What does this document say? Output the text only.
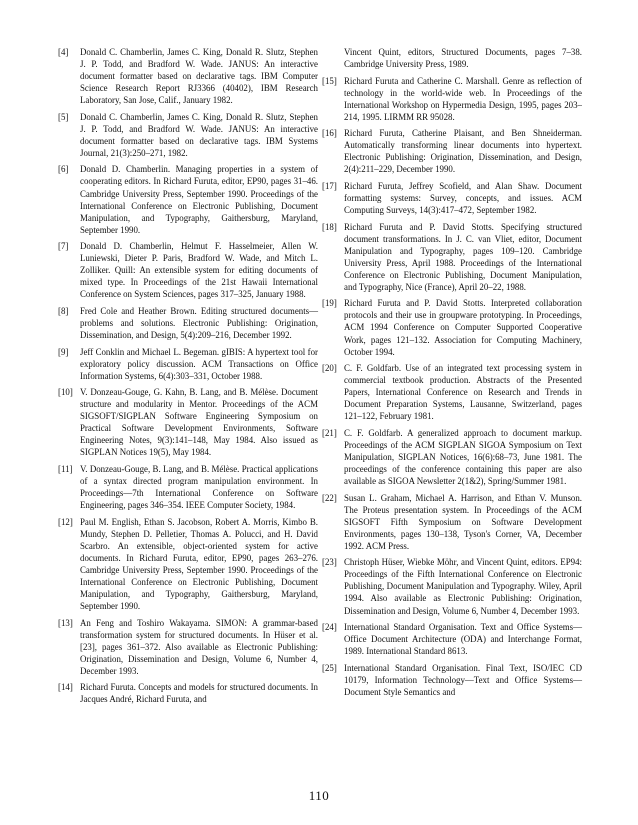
[4] Donald C. Chamberlin, James C. King, Donald R. Slutz, Stephen J. P. Todd, and Bradford W. Wade. JANUS: An interactive document formatter based on declarative tags. IBM Computer Science Research Report RJ3366 (40402), IBM Research Laboratory, San Jose, Calif., January 1982.
[5] Donald C. Chamberlin, James C. King, Donald R. Slutz, Stephen J. P. Todd, and Bradford W. Wade. JANUS: An interactive document formatter based on declarative tags. IBM Systems Journal, 21(3):250–271, 1982.
[6] Donald D. Chamberlin. Managing properties in a system of cooperating editors. In Richard Furuta, editor, EP90, pages 31–46. Cambridge University Press, September 1990. Proceedings of the International Conference on Electronic Publishing, Document Manipulation, and Typography, Gaithersburg, Maryland, September 1990.
[7] Donald D. Chamberlin, Helmut F. Hasselmeier, Allen W. Luniewski, Dieter P. Paris, Bradford W. Wade, and Mitch L. Zolliker. Quill: An extensible system for editing documents of mixed type. In Proceedings of the 21st Hawaii International Conference on System Sciences, pages 317–325, January 1988.
[8] Fred Cole and Heather Brown. Editing structured documents—problems and solutions. Electronic Publishing: Origination, Dissemination, and Design, 5(4):209–216, December 1992.
[9] Jeff Conklin and Michael L. Begeman. gIBIS: A hypertext tool for exploratory policy discussion. ACM Transactions on Office Information Systems, 6(4):303–331, October 1988.
[10] V. Donzeau-Gouge, G. Kahn, B. Lang, and B. Mélèse. Document structure and modularity in Mentor. Proceedings of the ACM SIGSOFT/SIGPLAN Software Engineering Symposium on Practical Software Development Environments, Software Engineering Notes, 9(3):141–148, May 1984. Also issued as SIGPLAN Notices 19(5), May 1984.
[11] V. Donzeau-Gouge, B. Lang, and B. Mélèse. Practical applications of a syntax directed program manipulation environment. In Proceedings—7th International Conference on Software Engineering, pages 346–354. IEEE Computer Society, 1984.
[12] Paul M. English, Ethan S. Jacobson, Robert A. Morris, Kimbo B. Mundy, Stephen D. Pelletier, Thomas A. Polucci, and H. David Scarbro. An extensible, object-oriented system for active documents. In Richard Furuta, editor, EP90, pages 263–276. Cambridge University Press, September 1990. Proceedings of the International Conference on Electronic Publishing, Document Manipulation, and Typography, Gaithersburg, Maryland, September 1990.
[13] An Feng and Toshiro Wakayama. SIMON: A grammar-based transformation system for structured documents. In Hüser et al. [23], pages 361–372. Also available as Electronic Publishing: Origination, Dissemination and Design, Volume 6, Number 4, December 1993.
[14] Richard Furuta. Concepts and models for structured documents. In Jacques André, Richard Furuta, and
Vincent Quint, editors, Structured Documents, pages 7–38. Cambridge University Press, 1989.
[15] Richard Furuta and Catherine C. Marshall. Genre as reflection of technology in the world-wide web. In Proceedings of the International Workshop on Hypermedia Design, 1995, pages 203–214, 1995. LIRMM RR 95028.
[16] Richard Furuta, Catherine Plaisant, and Ben Shneiderman. Automatically transforming linear documents into hypertext. Electronic Publishing: Origination, Dissemination, and Design, 2(4):211–229, December 1990.
[17] Richard Furuta, Jeffrey Scofield, and Alan Shaw. Document formatting systems: Survey, concepts, and issues. ACM Computing Surveys, 14(3):417–472, September 1982.
[18] Richard Furuta and P. David Stotts. Specifying structured document transformations. In J. C. van Vliet, editor, Document Manipulation and Typography, pages 109–120. Cambridge University Press, April 1988. Proceedings of the International Conference on Electronic Publishing, Document Manipulation, and Typography, Nice (France), April 20–22, 1988.
[19] Richard Furuta and P. David Stotts. Interpreted collaboration protocols and their use in groupware prototyping. In Proceedings, ACM 1994 Conference on Computer Supported Cooperative Work, pages 121–132. Association for Computing Machinery, October 1994.
[20] C. F. Goldfarb. Use of an integrated text processing system in commercial textbook production. Abstracts of the Presented Papers, International Conference on Research and Trends in Document Preparation Systems, Lausanne, Switzerland, pages 121–122, February 1981.
[21] C. F. Goldfarb. A generalized approach to document markup. Proceedings of the ACM SIGPLAN SIGOA Symposium on Text Manipulation, SIGPLAN Notices, 16(6):68–73, June 1981. The proceedings of the conference containing this paper are also available as SIGOA Newsletter 2(1&2), Spring/Summer 1981.
[22] Susan L. Graham, Michael A. Harrison, and Ethan V. Munson. The Proteus presentation system. In Proceedings of the ACM SIGSOFT Fifth Symposium on Software Development Environments, pages 130–138, Tyson's Corner, VA, December 1992. ACM Press.
[23] Christoph Hüser, Wiebke Möhr, and Vincent Quint, editors. EP94: Proceedings of the Fifth International Conference on Electronic Publishing, Document Manipulation and Typography. Wiley, April 1994. Also available as Electronic Publishing: Origination, Dissemination and Design, Volume 6, Number 4, December 1993.
[24] International Standard Organisation. Text and Office Systems—Office Document Architecture (ODA) and Interchange Format, 1989. International Standard 8613.
[25] International Standard Organisation. Final Text, ISO/IEC CD 10179, Information Technology—Text and Office Systems—Document Style Semantics and
110
